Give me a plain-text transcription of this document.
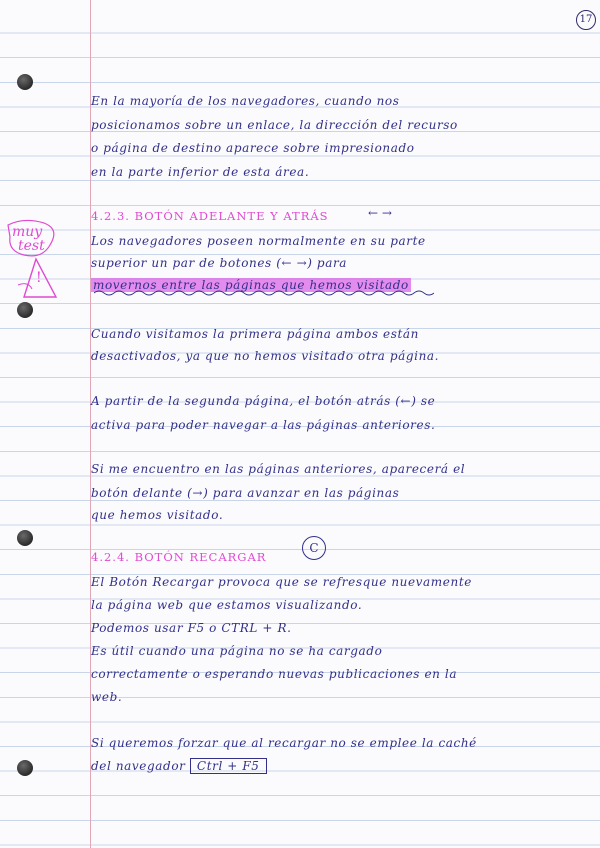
17
En la mayoría de los navegadores, cuando nos
posicionamos sobre un enlace, la dirección del recurso
o página de destino aparece sobre impresionado
en la parte inferior de esta área.
4.2.3. BOTÓN ADELANTE Y ATRÁS	← →
Los navegadores poseen normalmente en su parte
superior un par de botones (← →) para
movernos entre las páginas que hemos visitado
muy
test
!
Cuando visitamos la primera página ambos están
desactivados, ya que no hemos visitado otra página.
A partir de la segunda página, el botón atrás (←) se
activa para poder navegar a las páginas anteriores.
Si me encuentro en las páginas anteriores, aparecerá el
botón delante (→) para avanzar en las páginas
que hemos visitado.
4.2.4. BOTÓN RECARGAR
C
El Botón Recargar provoca que se refresque nuevamente
la página web que estamos visualizando.
Podemos usar F5 o CTRL + R.
Es útil cuando una página no se ha cargado
correctamente o esperando nuevas publicaciones en la
web.
Si queremos forzar que al recargar no se emplee la caché
del navegador Ctrl + F5
